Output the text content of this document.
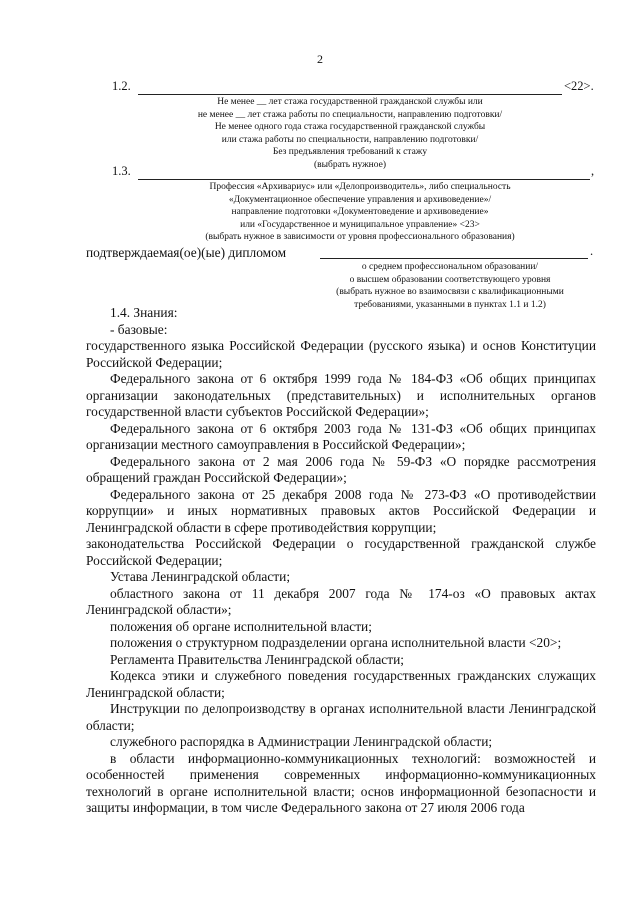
2
1.2.	<22>.
Не менее __ лет стажа государственной гражданской службы или
не менее __ лет стажа работы по специальности, направлению подготовки/
Не менее одного года стажа государственной гражданской службы
или стажа работы по специальности, направлению подготовки/
Без предъявления требований к стажу
(выбрать нужное)
1.3.	,
Профессия «Архивариус» или «Делопроизводитель», либо специальность
«Документационное обеспечение управления и архивоведение»/
направление подготовки «Документоведение и архивоведение»
или «Государственное и муниципальное управление» <23>
(выбрать нужное в зависимости от уровня профессионального образования)
подтверждаемая(ое)(ые) дипломом	.
о среднем профессиональном образовании/
о высшем образовании соответствующего уровня
(выбрать нужное во взаимосвязи с квалификационными
требованиями, указанными в пунктах 1.1 и 1.2)

1.4. Знания:

- базовые:

государственного языка Российской Федерации (русского языка) и основ Конституции Российской Федерации;

Федерального закона от 6 октября 1999 года № 184-ФЗ «Об общих принципах организации законодательных (представительных) и исполнительных органов государственной власти субъектов Российской Федерации»;

Федерального закона от 6 октября 2003 года № 131-ФЗ «Об общих принципах организации местного самоуправления в Российской Федерации»;

Федерального закона от 2 мая 2006 года № 59-ФЗ «О порядке рассмотрения обращений граждан Российской Федерации»;

Федерального закона от 25 декабря 2008 года № 273-ФЗ «О противодействии коррупции» и иных нормативных правовых актов Российской Федерации и Ленинградской области в сфере противодействия коррупции;

законодательства Российской Федерации о государственной гражданской службе Российской Федерации;

Устава Ленинградской области;

областного закона от 11 декабря 2007 года № 174-оз «О правовых актах Ленинградской области»;

положения об органе исполнительной власти;

положения о структурном подразделении органа исполнительной власти <20>;

Регламента Правительства Ленинградской области;

Кодекса этики и служебного поведения государственных гражданских служащих Ленинградской области;

Инструкции по делопроизводству в органах исполнительной власти Ленинградской области;

служебного распорядка в Администрации Ленинградской области;

в области информационно-коммуникационных технологий: возможностей и особенностей применения современных информационно-коммуникационных технологий в органе исполнительной власти; основ информационной безопасности и защиты информации, в том числе Федерального закона от 27 июля 2006 года
